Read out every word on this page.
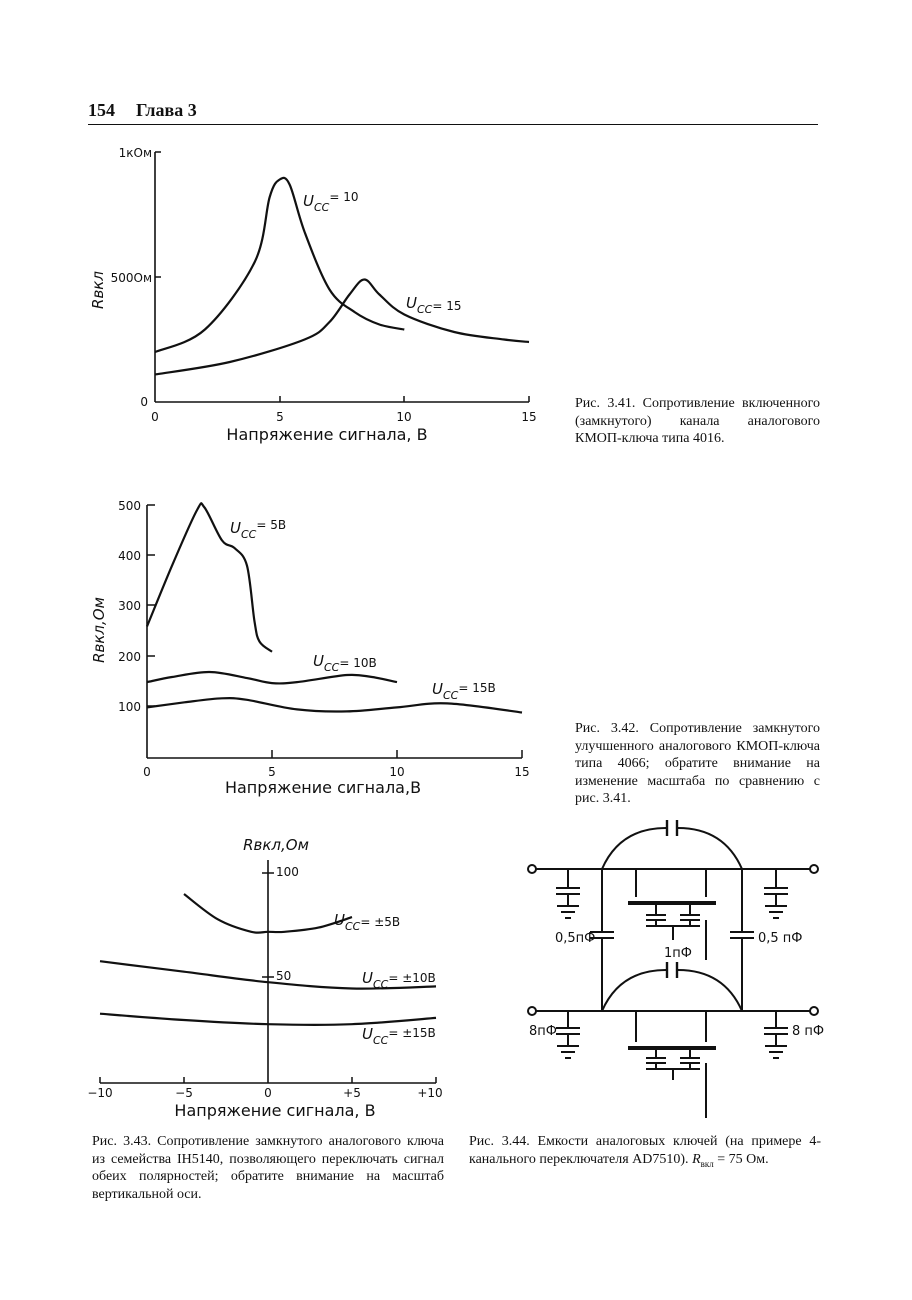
154 Глава 3
0	5	10	15
0
500Ом
1кОм
Напряжение сигнала, В
Rвкл
$U_{СС}^{= 10}$
$U_{СС}^{= 15}$
0	5	10	15
100
200
300
400
500
Напряжение сигнала,В
Rвкл,Ом
$U_{СС}^{= 5В}$
$U_{СС}^{= 10В}$
$U_{СС}^{= 15В}$
−10	−5	0	+5	+10
50
100
Напряжение сигнала, В
Rвкл,Ом
$U_{СС}^{= \pm 5В}$
$U_{СС}^{= \pm 10В}$
$U_{СС}^{= \pm 15В}$
0,5пФ	0,5 пФ
1пФ
8пФ	8 пФ
Рис. 3.41. Сопротивление включенного (замкнутого) канала аналогового КМОП-ключа типа 4016.
Рис. 3.42. Сопротивление замкнутого улучшенного аналогового КМОП-ключа типа 4066; обратите внимание на изменение масштаба по сравнению с рис. 3.41.
Рис. 3.43. Сопротивление замкнутого аналогового ключа из семейства IH5140, позволяющего переключать сигнал обеих полярностей; обратите внимание на масштаб вертикальной оси.
Рис. 3.44. Емкости аналоговых ключей (на примере 4-канального переключателя AD7510). $R_{вкл} = 75$ Ом.
